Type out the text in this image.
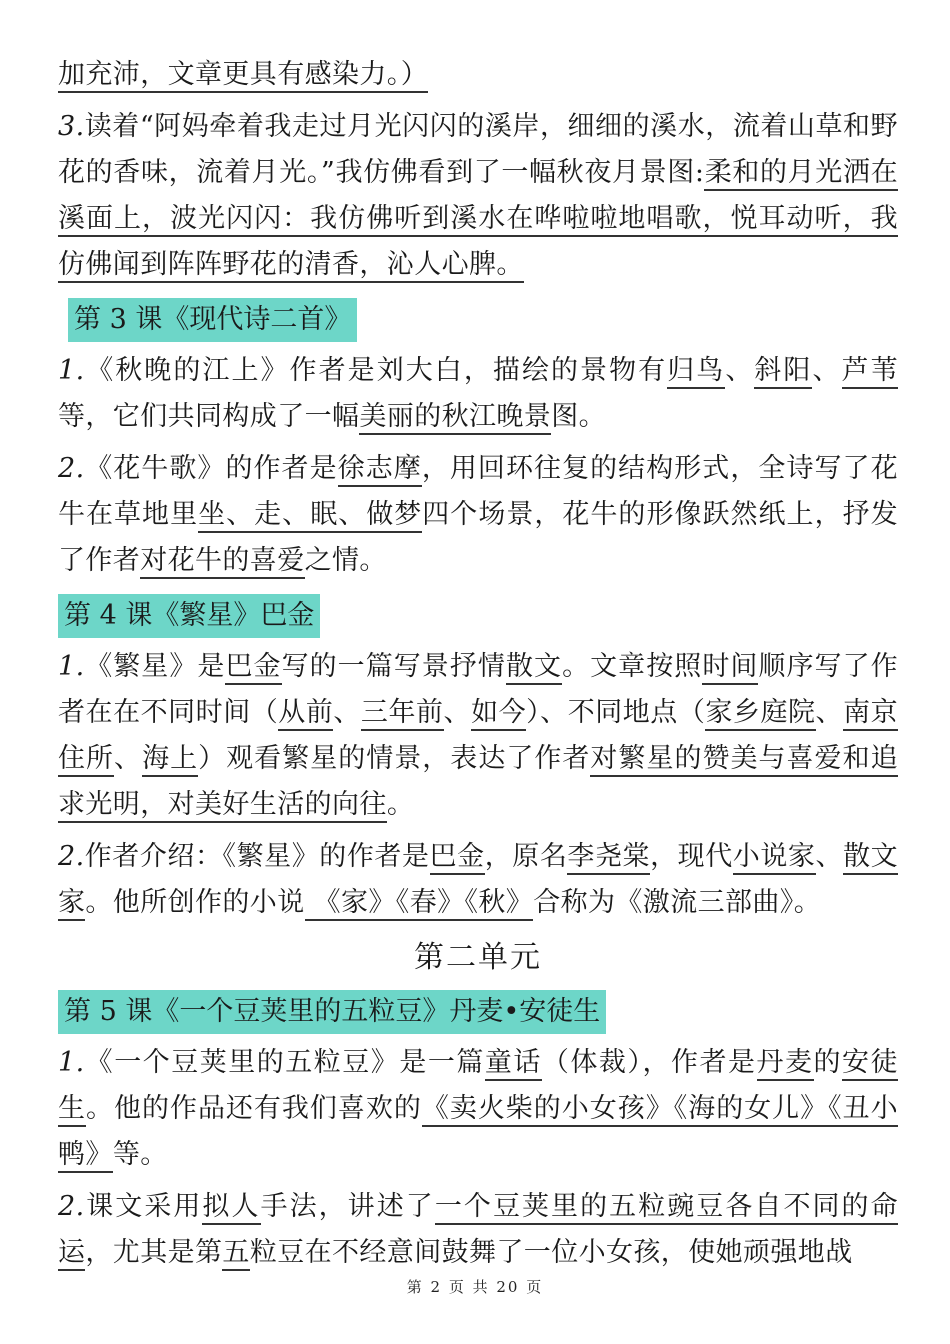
加充沛，文章更具有感染力。）

3.读着“阿妈牵着我走过月光闪闪的溪岸，细细的溪水，流着山草和野花的香味，流着月光。”我仿佛看到了一幅秋夜月景图:柔和的月光洒在溪面上，波光闪闪：我仿佛听到溪水在哗啦啦地唱歌，悦耳动听，我仿佛闻到阵阵野花的清香，沁人心脾。

第 3 课《现代诗二首》

1.《秋晚的江上》作者是刘大白，描绘的景物有归鸟、斜阳、芦苇等，它们共同构成了一幅美丽的秋江晚景图。

2.《花牛歌》的作者是徐志摩，用回环往复的结构形式，全诗写了花牛在草地里坐、走、眠、做梦四个场景，花牛的形像跃然纸上，抒发了作者对花牛的喜爱之情。

第 4 课《繁星》巴金

1.《繁星》是巴金写的一篇写景抒情散文。文章按照时间顺序写了作者在在不同时间（从前、三年前、如今）、不同地点（家乡庭院、南京住所、海上）观看繁星的情景，表达了作者对繁星的赞美与喜爱和追求光明，对美好生活的向往。

2.作者介绍：《繁星》的作者是巴金，原名李尧棠，现代小说家、散文家。他所创作的小说 《家》《春》《秋》合称为《激流三部曲》。

第二单元
第 5 课《一个豆荚里的五粒豆》丹麦•安徒生

1.《一个豆荚里的五粒豆》是一篇童话（体裁），作者是丹麦的安徒生。他的作品还有我们喜欢的《卖火柴的小女孩》《海的女儿》《丑小鸭》等。

2.课文采用拟人手法，讲述了一个豆荚里的五粒豌豆各自不同的命运，尤其是第五粒豆在不经意间鼓舞了一位小女孩，使她顽强地战

第 2 页 共 20 页
